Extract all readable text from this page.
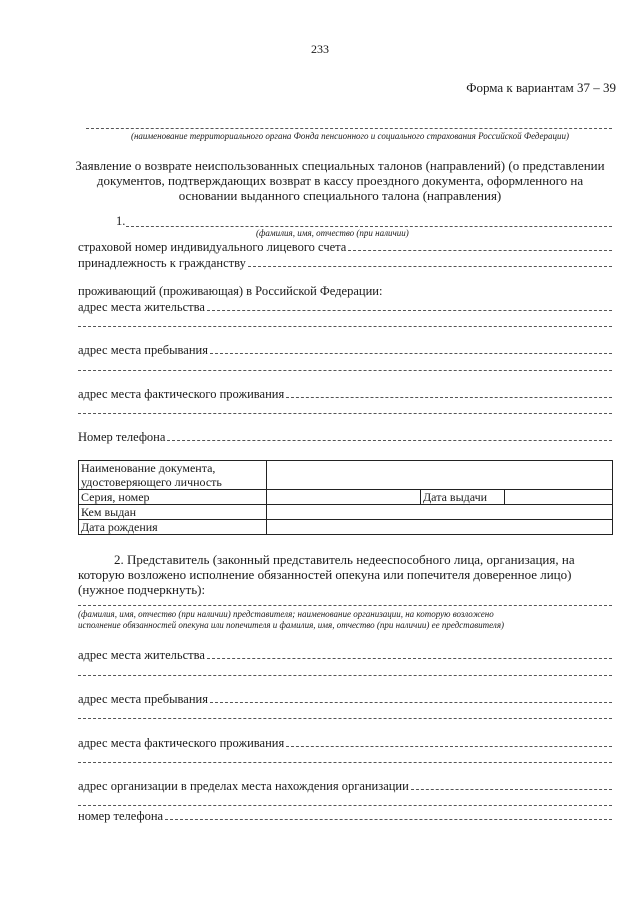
233
Форма к вариантам 37 – 39
(наименование территориального органа Фонда пенсионного и социального страхования Российской Федерации)
Заявление о возврате неиспользованных специальных талонов (направлений) (о представлении
документов, подтверждающих возврат в кассу проездного документа, оформленного на
основании выданного специального талона (направления)
1.
(фамилия, имя, отчество (при наличии)
страховой номер индивидуального лицевого счета
принадлежность к гражданству
проживающий (проживающая) в Российской Федерации:
адрес места жительства
адрес места пребывания
адрес места фактического проживания
Номер телефона
Наименование документа,
удостоверяющего личность			

Серия, номер		Дата выдачи	
Кем выдан			
Дата рождения			
2. Представитель (законный представитель недееспособного лица, организация, на
которую возложено исполнение обязанностей опекуна или попечителя доверенное лицо)
(нужное подчеркнуть):
(фамилия, имя, отчество (при наличии) представителя; наименование организации, на которую возложено
исполнение обязанностей опекуна или попечителя и фамилия, имя, отчество (при наличии) ее представителя)
адрес места жительства
адрес места пребывания
адрес места фактического проживания
адрес организации в пределах места нахождения организации
номер телефона
